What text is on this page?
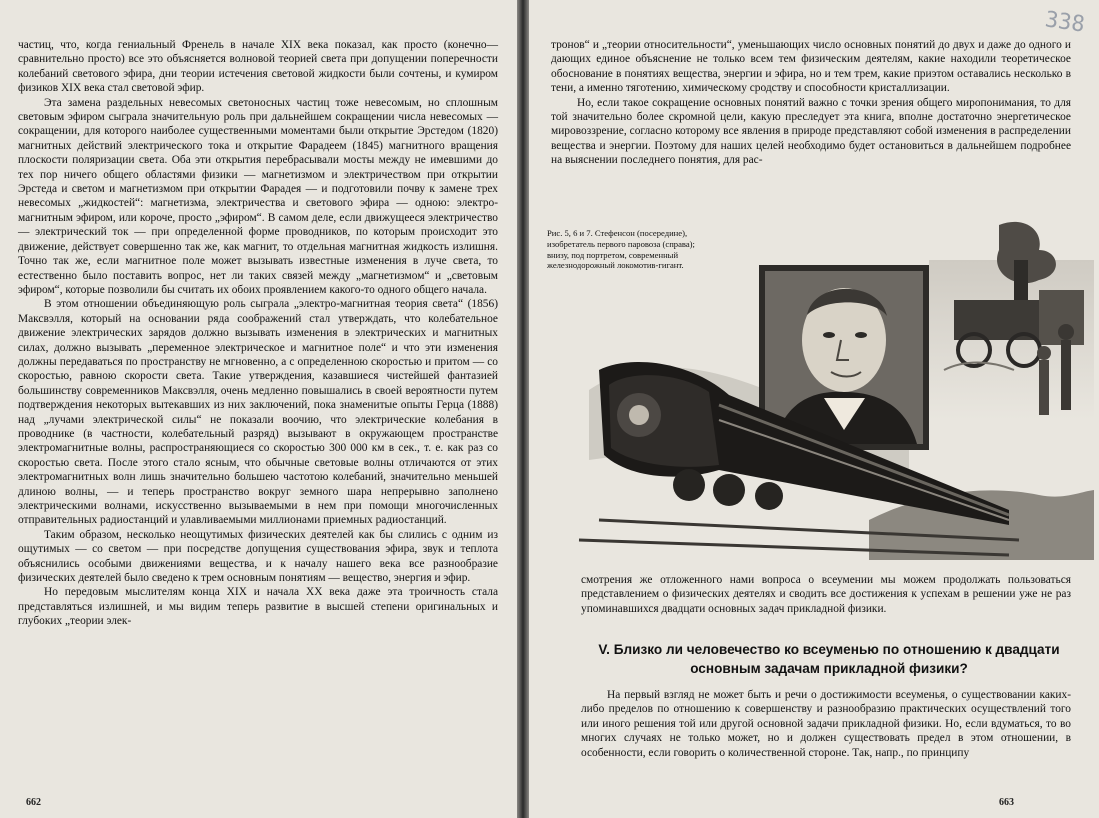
частиц, что, когда гениальный Френель в начале XIX века показал, как просто (конечно—сравнительно просто) все это объясняется волновой теорией света при допущении поперечности колебаний светового эфира, дни теории истечения световой жидкости были сочтены, и кумиром физиков XIX века стал световой эфир.

Эта замена раздельных невесомых светоносных частиц тоже невесомым, но сплошным световым эфиром сыграла значительную роль при дальнейшем сокращении числа невесомых — сокращении, для которого наиболее существенными моментами были открытие Эрстедом (1820) магнитных действий электрического тока и открытие Фарадеем (1845) магнитного вращения плоскости поляризации света. Оба эти открытия перебрасывали мосты между не имевшими до тех пор ничего общего областями физики — магнетизмом и электричеством при открытии Эрстеда и светом и магнетизмом при открытии Фарадея — и подготовили почву к замене трех невесомых „жидкостей“: магнетизма, электричества и светового эфира — одною: электро-магнитным эфиром, или короче, просто „эфиром“. В самом деле, если движущееся электричество — электрический ток — при определенной форме проводников, по которым происходит это движение, действует совершенно так же, как магнит, то отдельная магнитная жидкость излишня. Точно так же, если магнитное поле может вызывать известные изменения в луче света, то естественно было поставить вопрос, нет ли таких связей между „магнетизмом“ и „световым эфиром“, которые позволили бы считать их обоих проявлением какого-то одного общего начала.

В этом отношении объединяющую роль сыграла „электро-магнитная теория света“ (1856) Максвэлля, который на основании ряда соображений стал утверждать, что колебательное движение электрических зарядов должно вызывать изменения в электрических и магнитных силах, должно вызывать „переменное электрическое и магнитное поле“ и что эти изменения должны передаваться по пространству не мгновенно, а с определенною скоростью и притом — со скоростью, равною скорости света. Такие утверждения, казавшиеся чистейшей фантазией большинству современников Максвэлля, очень медленно повышались в своей вероятности путем подтверждения некоторых вытекавших из них заключений, пока знаменитые опыты Герца (1888) над „лучами электрической силы“ не показали воочию, что электрические колебания в проводнике (в частности, колебательный разряд) вызывают в окружающем пространстве электромагнитные волны, распространяющиеся со скоростью 300 000 км в сек., т. е. как раз со скоростью света. После этого стало ясным, что обычные световые волны отличаются от этих электромагнитных волн лишь значительно большею частотою колебаний, значительно меньшей длиною волны, — и теперь пространство вокруг земного шара непрерывно заполнено электрическими волнами, искусственно вызываемыми в нем при помощи многочисленных отправительных радиостанций и улавливаемыми миллионами приемных радиостанций.

Таким образом, несколько неощутимых физических деятелей как бы слились с одним из ощутимых — со светом — при посредстве допущения существования эфира, звук и теплота объяснились особыми движениями вещества, и к началу нашего века все разнообразие физических деятелей было сведено к трем основным понятиям — вещество, энергия и эфир.

Но передовым мыслителям конца XIX и начала XX века даже эта троичность стала представляться излишней, и мы видим теперь развитие в высшей степени оригинальных и глубоких „теории элек-

662
338

тронов“ и „теории относительности“, уменьшающих число основных понятий до двух и даже до одного и дающих единое объяснение не только всем тем физическим деятелям, какие находили теоретическое обоснование в понятиях вещества, энергии и эфира, но и тем трем, какие приэтом оставались несколько в тени, а именно тяготению, химическому сродству и способности кристаллизации.

Но, если такое сокращение основных понятий важно с точки зрения общего миропонимания, то для той значительно более скромной цели, какую преследует эта книга, вполне достаточно энергетическое мировоззрение, согласно которому все явления в природе представляют собой изменения в распределении вещества и энергии. Поэтому для наших целей необходимо будет остановиться в дальнейшем подробнее на выяснении последнего понятия, для рас-

Рис. 5, 6 и 7. Стефенсон (посередине), изобретатель первого паровоза (справа); внизу, под портретом, современный железнодорожный локомотив-гигант.

смотрения же отложенного нами вопроса о всеумении мы можем продолжать пользоваться представлением о физических деятелях и сводить все достижения к успехам в решении уже не раз упоминавшихся двадцати основных задач прикладной физики.

V. Близко ли человечество ко всеуменью по отношению к двадцати основным задачам прикладной физики?

На первый взгляд не может быть и речи о достижимости всеуменья, о существовании каких-либо пределов по отношению к совершенству и разнообразию практических осуществлений того или иного решения той или другой основной задачи прикладной физики. Но, если вдуматься, то во многих случаях не только может, но и должен существовать предел в этом отношении, в особенности, если говорить о количественной стороне. Так, напр., по принципу

663
